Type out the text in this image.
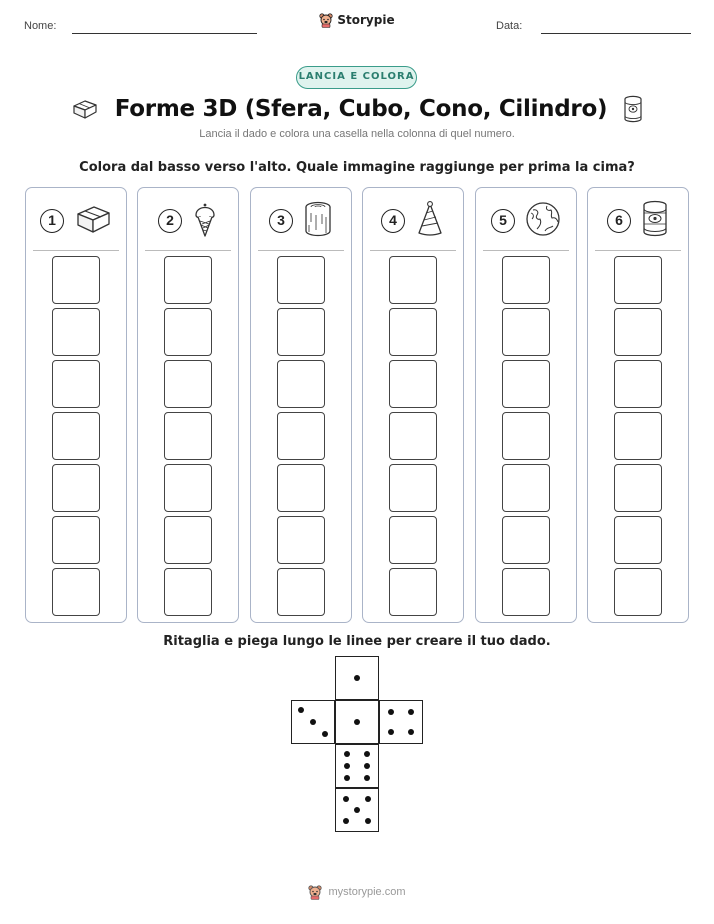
Nome:	Storypie	Data:
LANCIA E COLORA
Forme 3D (Sfera, Cubo, Cono, Cilindro)
Lancia il dado e colora una casella nella colonna di quel numero.
Colora dal basso verso l'alto. Quale immagine raggiunge per prima la cima?
1	2	3	4	5	6
Ritaglia e piega lungo le linee per creare il tuo dado.
mystorypie.com
